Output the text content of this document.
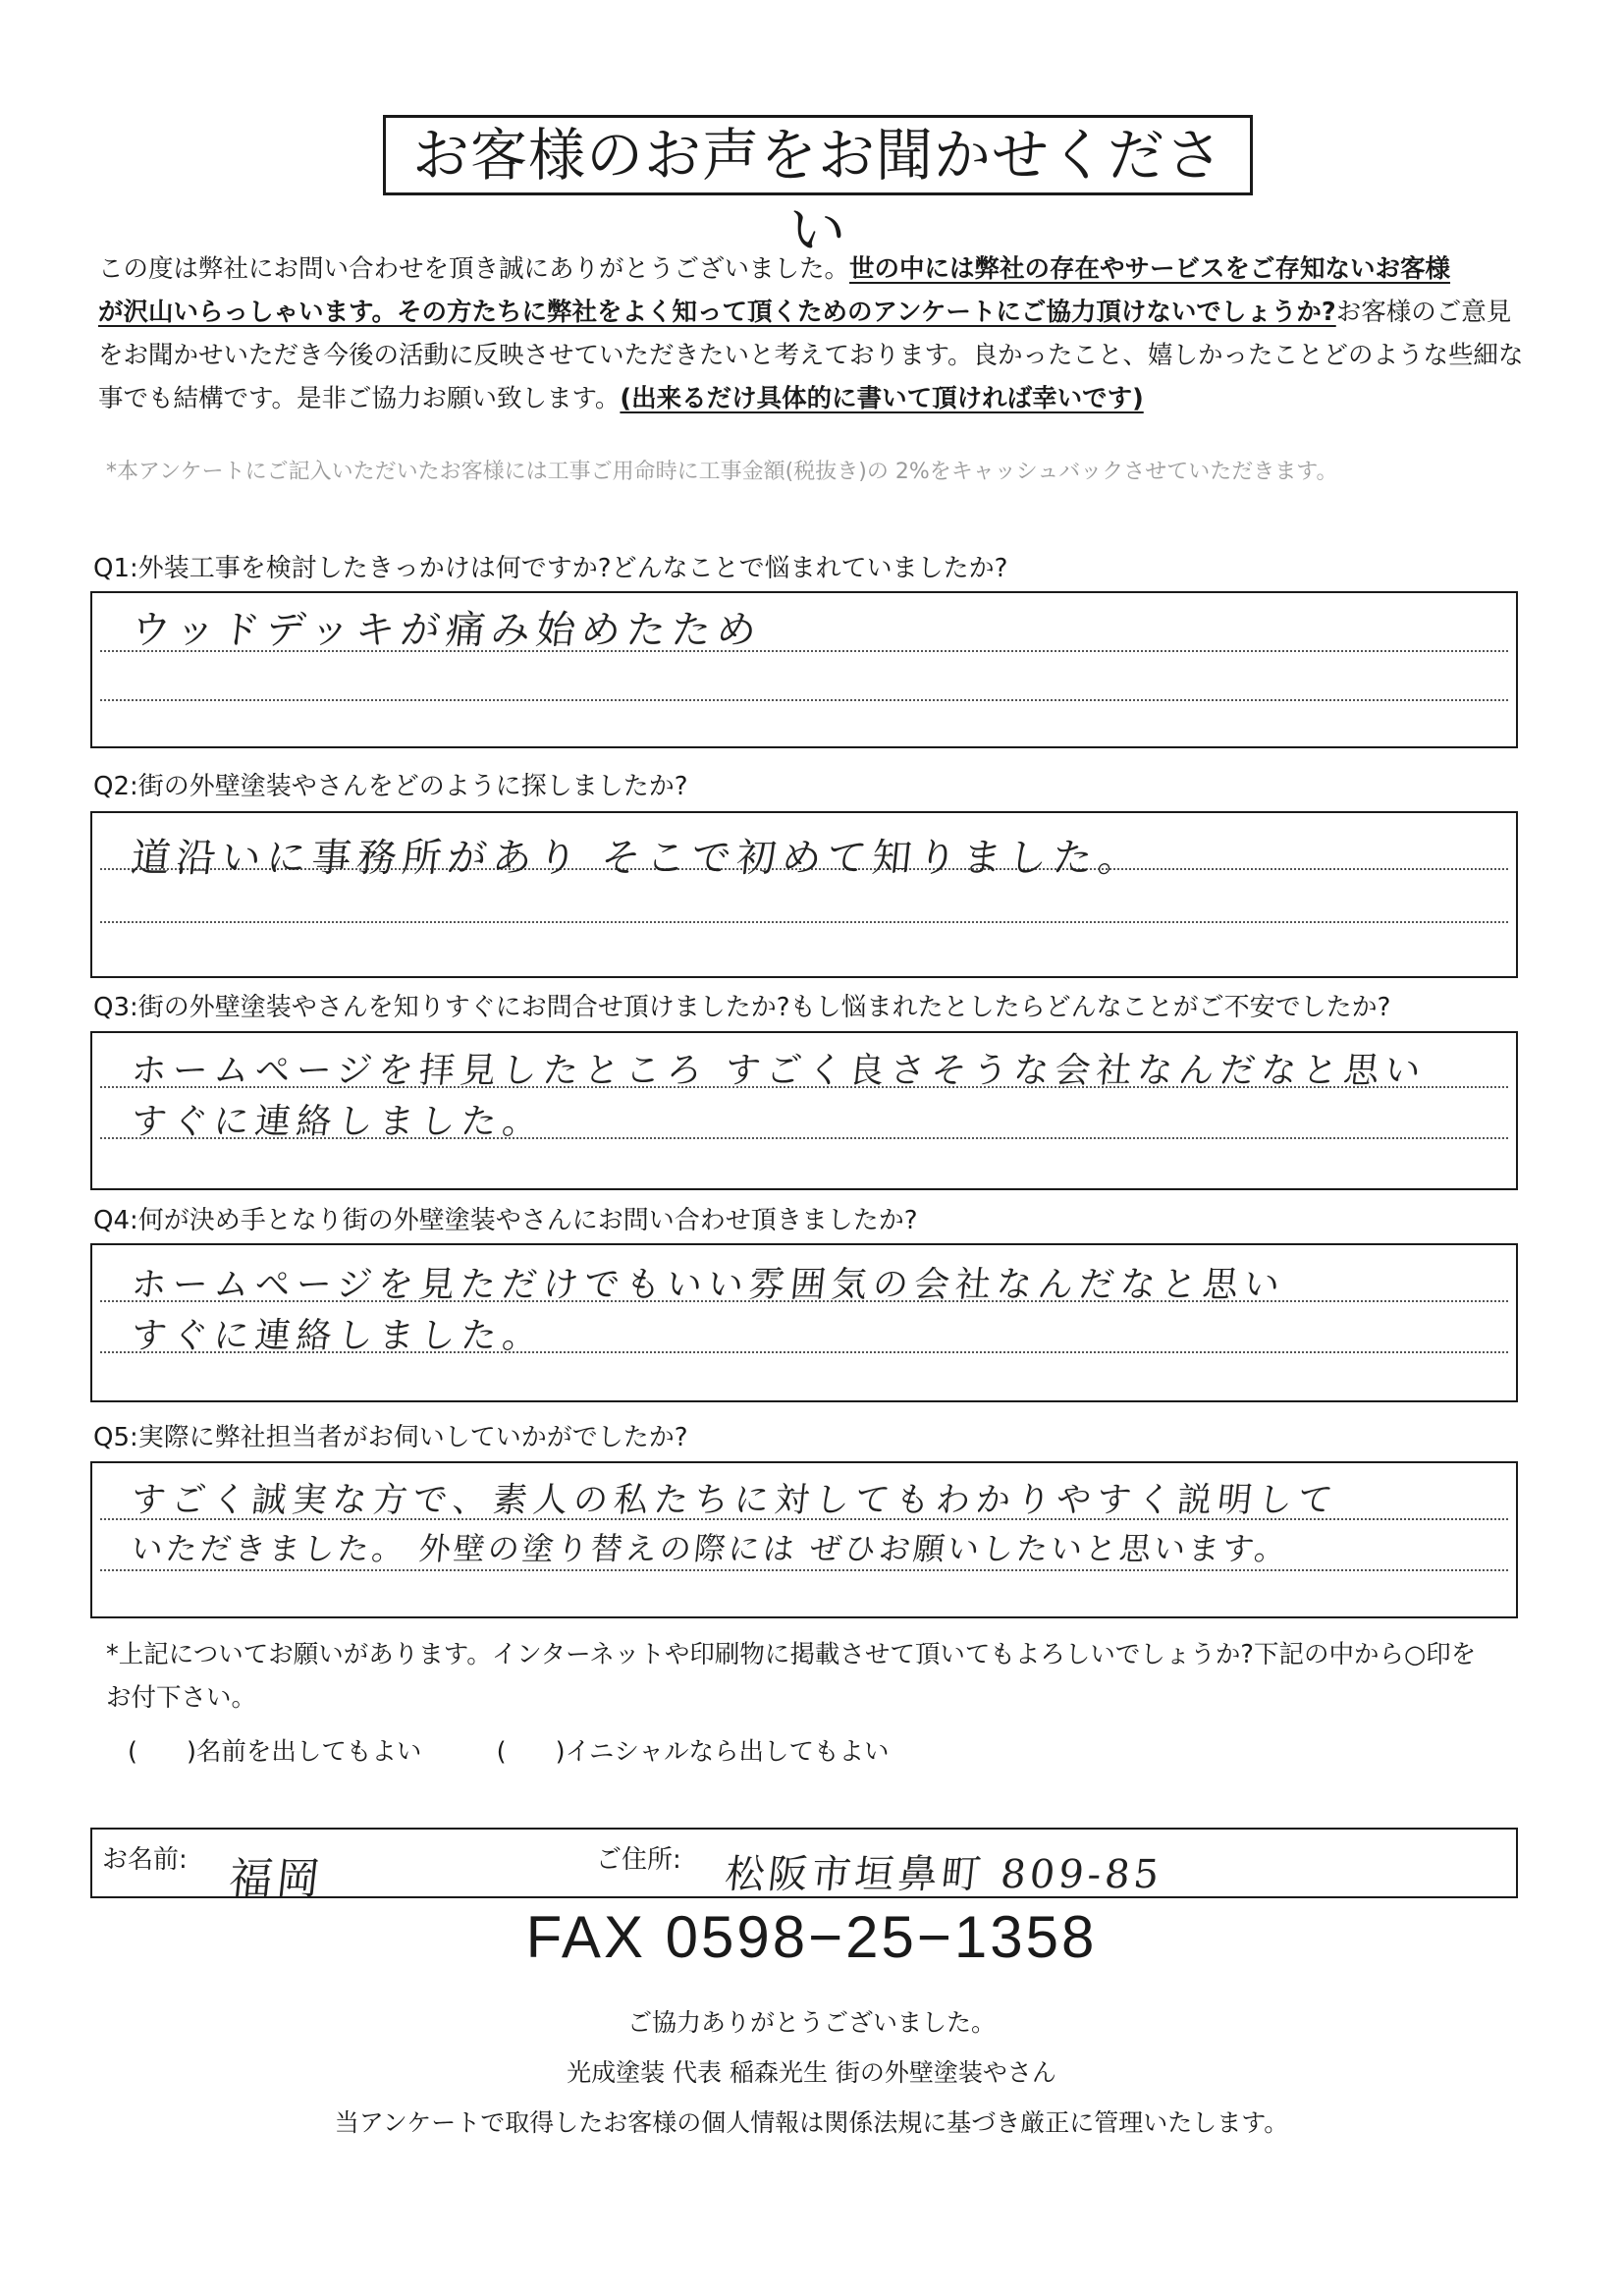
お客様のお声をお聞かせください

この度は弊社にお問い合わせを頂き誠にありがとうございました。世の中には弊社の存在やサービスをご存知ないお客様

が沢山いらっしゃいます。その方たちに弊社をよく知って頂くためのアンケートにご協力頂けないでしょうか?お客様のご意見

をお聞かせいただき今後の活動に反映させていただきたいと考えております。良かったこと、嬉しかったことどのような些細な

事でも結構です。是非ご協力お願い致します。(出来るだけ具体的に書いて頂ければ幸いです)

*本アンケートにご記入いただいたお客様には工事ご用命時に工事金額(税抜き)の 2%をキャッシュバックさせていただきます。
Q1:外装工事を検討したきっかけは何ですか?どんなことで悩まれていましたか?
ウッドデッキが痛み始めたため
Q2:街の外壁塗装やさんをどのように探しましたか?
道沿いに事務所があり そこで初めて知りました。
Q3:街の外壁塗装やさんを知りすぐにお問合せ頂けましたか?もし悩まれたとしたらどんなことがご不安でしたか?
ホームページを拝見したところ すごく良さそうな会社なんだなと思い
すぐに連絡しました。
Q4:何が決め手となり街の外壁塗装やさんにお問い合わせ頂きましたか?
ホームページを見ただけでもいい雰囲気の会社なんだなと思い
すぐに連絡しました。
Q5:実際に弊社担当者がお伺いしていかがでしたか?
すごく誠実な方で、素人の私たちに対してもわかりやすく説明して
いただきました。 外壁の塗り替えの際には ぜひお願いしたいと思います。

*上記についてお願いがあります。インターネットや印刷物に掲載させて頂いてもよろしいでしょうか?下記の中から○印を

お付下さい。

( )名前を出してもよい	( )イニシャルなら出してもよい
お名前: 福岡	ご住所: 松阪市垣鼻町 809-85
FAX 0598−25−1358
ご協力ありがとうございました。
光成塗装 代表 稲森光生 街の外壁塗装やさん
当アンケートで取得したお客様の個人情報は関係法規に基づき厳正に管理いたします。
